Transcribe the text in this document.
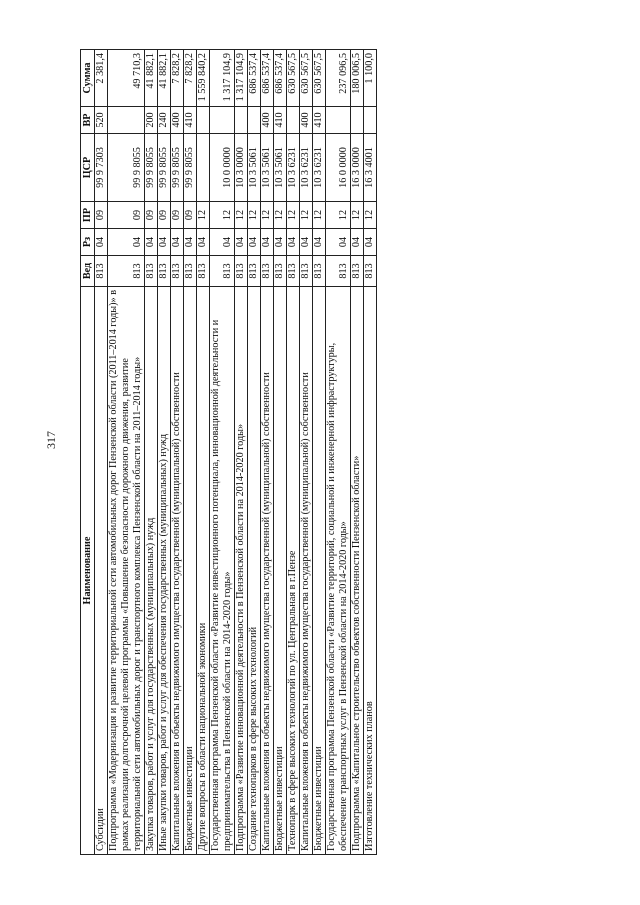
317
Наименование	Вед	Рз	ПР	ЦСР	ВР	Сумма
Субсидии	813	04	09	99 9 7303	520	2 381,4
Подпрограмма «Модернизация и развитие территориальной сети автомобильных дорог Пензенской области (2011–2014 годы)» в рамках реализации долгосрочной целевой программы «Повышение безопасности дорожного движения, развитие территориальной сети автомобильных дорог и транспортного комплекса Пензенской области на 2011–2014 годы»	813	04	09	99 9 8055		49 710,3
Закупка товаров, работ и услуг для государственных (муниципальных) нужд	813	04	09	99 9 8055	200	41 882,1
Иные закупки товаров, работ и услуг для обеспечения государственных (муниципальных) нужд	813	04	09	99 9 8055	240	41 882,1
Капитальные вложения в объекты недвижимого имущества государственной (муниципальной) собственности	813	04	09	99 9 8055	400	7 828,2
Бюджетные инвестиции	813	04	09	99 9 8055	410	7 828,2
Другие вопросы в области национальной экономики	813	04	12			1 559 840,2
Государственная программа Пензенской области «Развитие инвестиционного потенциала, инновационной деятельности и предпринимательства в Пензенской области на 2014-2020 годы»	813	04	12	10 0 0000		1 317 104,9
Подпрограмма «Развитие инновационной деятельности в Пензенской области на 2014-2020 годы»	813	04	12	10 3 0000		1 317 104,9
Создание технопарков в сфере высоких технологий	813	04	12	10 3 5061		686 537,4
Капитальные вложения в объекты недвижимого имущества государственной (муниципальной) собственности	813	04	12	10 3 5061	400	686 537,4
Бюджетные инвестиции	813	04	12	10 3 5061	410	686 537,4
Технопарк в сфере высоких технологий по ул. Центральная в г.Пензе	813	04	12	10 3 6231		630 567,5
Капитальные вложения в объекты недвижимого имущества государственной (муниципальной) собственности	813	04	12	10 3 6231	400	630 567,5
Бюджетные инвестиции	813	04	12	10 3 6231	410	630 567,5
Государственная программа Пензенской области «Развитие территорий, социальной и инженерной инфраструктуры, обеспечение транспортных услуг в Пензенской области на 2014-2020 годы»	813	04	12	16 0 0000		237 096,5
Подпрограмма «Капитальное строительство объектов собственности Пензенской области»	813	04	12	16 3 0000		180 006,5
Изготовление технических планов	813	04	12	16 3 4001		1 100,0
